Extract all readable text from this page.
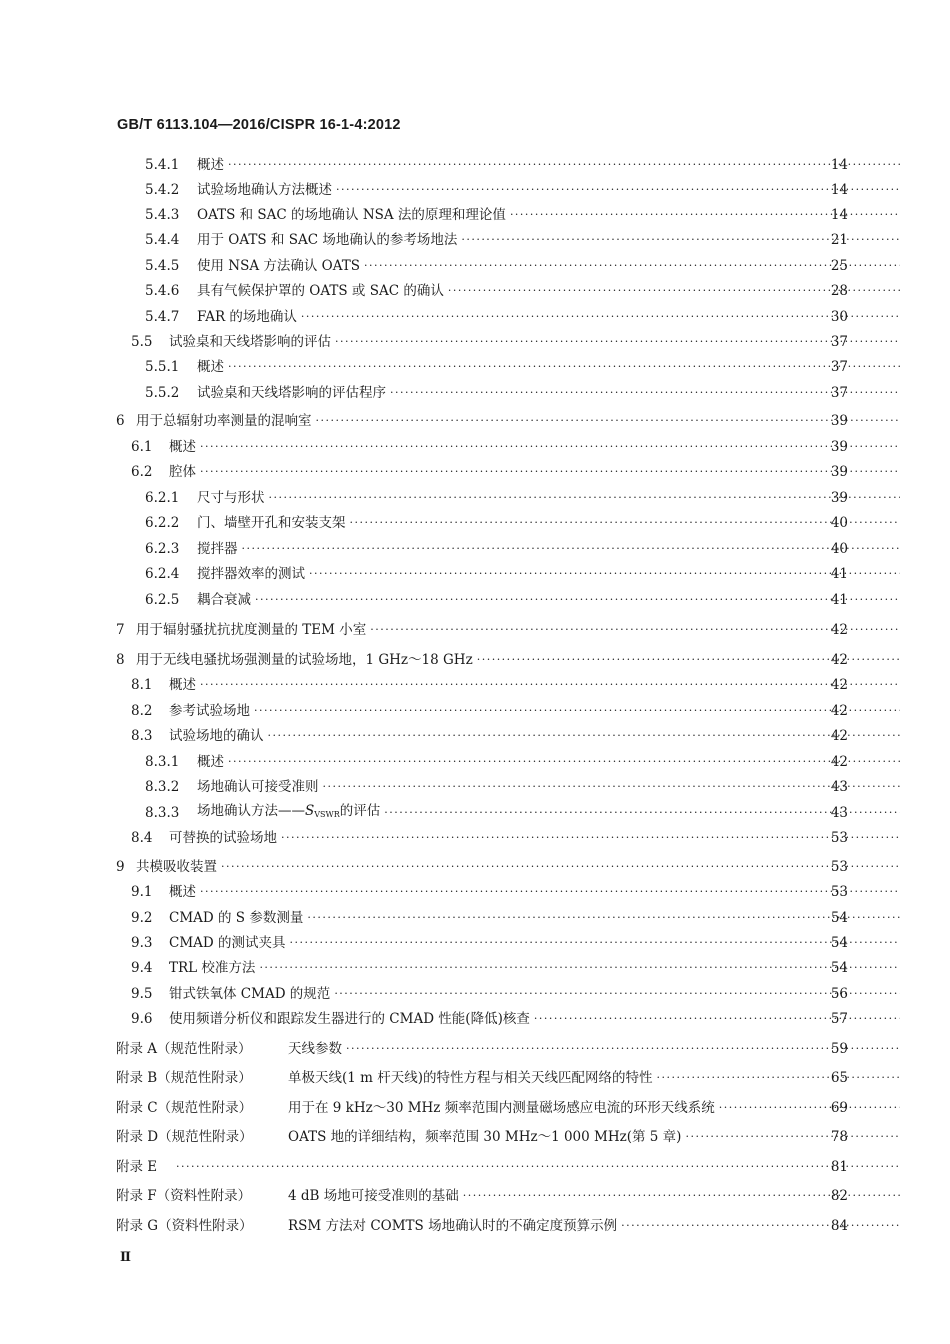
GB/T 6113.104—2016/CISPR 16-1-4:2012
5.4.1	概述 ·····	14
5.4.2	试验场地确认方法概述 ·····	14
5.4.3	OATS 和 SAC 的场地确认 NSA 法的原理和理论值 ·····	14
5.4.4	用于 OATS 和 SAC 场地确认的参考场地法 ·····	21
5.4.5	使用 NSA 方法确认 OATS ·····	25
5.4.6	具有气候保护罩的 OATS 或 SAC 的确认 ·····	28
5.4.7	FAR 的场地确认 ·····	30
5.5	试验桌和天线塔影响的评估 ·····	37
5.5.1	概述 ·····	37
5.5.2	试验桌和天线塔影响的评估程序 ·····	37
6 用于总辐射功率测量的混响室 ·····	39
6.1	概述 ·····	39
6.2	腔体 ·····	39
6.2.1	尺寸与形状 ·····	39
6.2.2	门、墙壁开孔和安装支架 ·····	40
6.2.3	搅拌器 ·····	40
6.2.4	搅拌器效率的测试 ·····	41
6.2.5	耦合衰减 ·····	41
7 用于辐射骚扰抗扰度测量的 TEM 小室 ·····	42
8 用于无线电骚扰场强测量的试验场地，1 GHz～18 GHz ·····	42
8.1	概述 ·····	42
8.2	参考试验场地 ·····	42
8.3	试验场地的确认 ·····	42
8.3.1	概述 ·····	42
8.3.2	场地确认可接受准则 ·····	43
8.3.3	场地确认方法$——S_{VSWR}$的评估 ·····	43
8.4	可替换的试验场地 ·····	53
9 共模吸收装置 ·····	53
9.1	概述 ·····	53
9.2	CMAD 的 S 参数测量 ·····	54
9.3	CMAD 的测试夹具 ·····	54
9.4	TRL 校准方法 ·····	54
9.5	钳式铁氧体 CMAD 的规范 ·····	56
9.6	使用频谱分析仪和跟踪发生器进行的 CMAD 性能(降低)核查 ·····	57
附录 A（规范性附录）	天线参数 ·····	59
附录 B（规范性附录）	单极天线(1 m 杆天线)的特性方程与相关天线匹配网络的特性 ·····	65
附录 C（规范性附录）	用于在 9 kHz～30 MHz 频率范围内测量磁场感应电流的环形天线系统 ·····	69
附录 D（规范性附录）	OATS 地的详细结构，频率范围 30 MHz～1 000 MHz(第 5 章) ·····	78
附录 E ·····	81
附录 F（资料性附录）	4 dB 场地可接受准则的基础 ·····	82
附录 G（资料性附录）	RSM 方法对 COMTS 场地确认时的不确定度预算示例 ·····	84
Ⅱ
